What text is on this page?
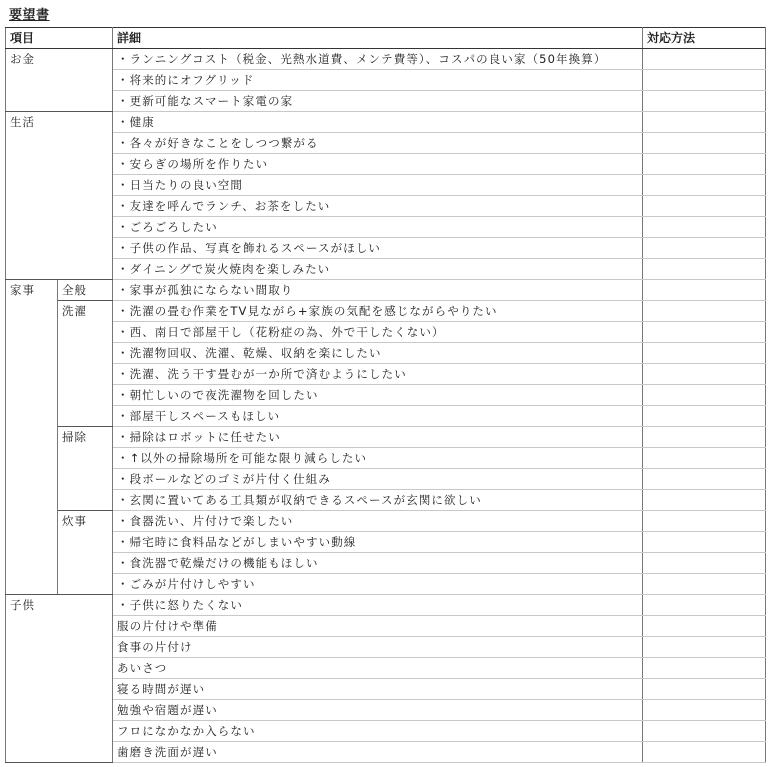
要望書
項目		詳細	対応方法
お金		・ランニングコスト（税金、光熱水道費、メンテ費等）、コスパの良い家（50年換算）	
		・将来的にオフグリッド	
		・更新可能なスマート家電の家	
生活		・健康	
		・各々が好きなことをしつつ繋がる	
		・安らぎの場所を作りたい	
		・日当たりの良い空間	
		・友達を呼んでランチ、お茶をしたい	
		・ごろごろしたい	
		・子供の作品、写真を飾れるスペースがほしい	
		・ダイニングで炭火焼肉を楽しみたい	
家事	全般	・家事が孤独にならない間取り	
	洗濯	・洗濯の畳む作業をTV見ながら+家族の気配を感じながらやりたい	
		・西、南日で部屋干し（花粉症の為、外で干したくない）	
		・洗濯物回収、洗濯、乾燥、収納を楽にしたい	
		・洗濯、洗う干す畳むが一か所で済むようにしたい	
		・朝忙しいので夜洗濯物を回したい	
		・部屋干しスペースもほしい	
	掃除	・掃除はロボットに任せたい	
		・↑以外の掃除場所を可能な限り減らしたい	
		・段ボールなどのゴミが片付く仕組み	
		・玄関に置いてある工具類が収納できるスペースが玄関に欲しい	
	炊事	・食器洗い、片付けで楽したい	
		・帰宅時に食料品などがしまいやすい動線	
		・食洗器で乾燥だけの機能もほしい	
		・ごみが片付けしやすい	
子供		・子供に怒りたくない	
		服の片付けや準備	
		食事の片付け	
		あいさつ	
		寝る時間が遅い	
		勉強や宿題が遅い	
		フロになかなか入らない	
		歯磨き洗面が遅い	
